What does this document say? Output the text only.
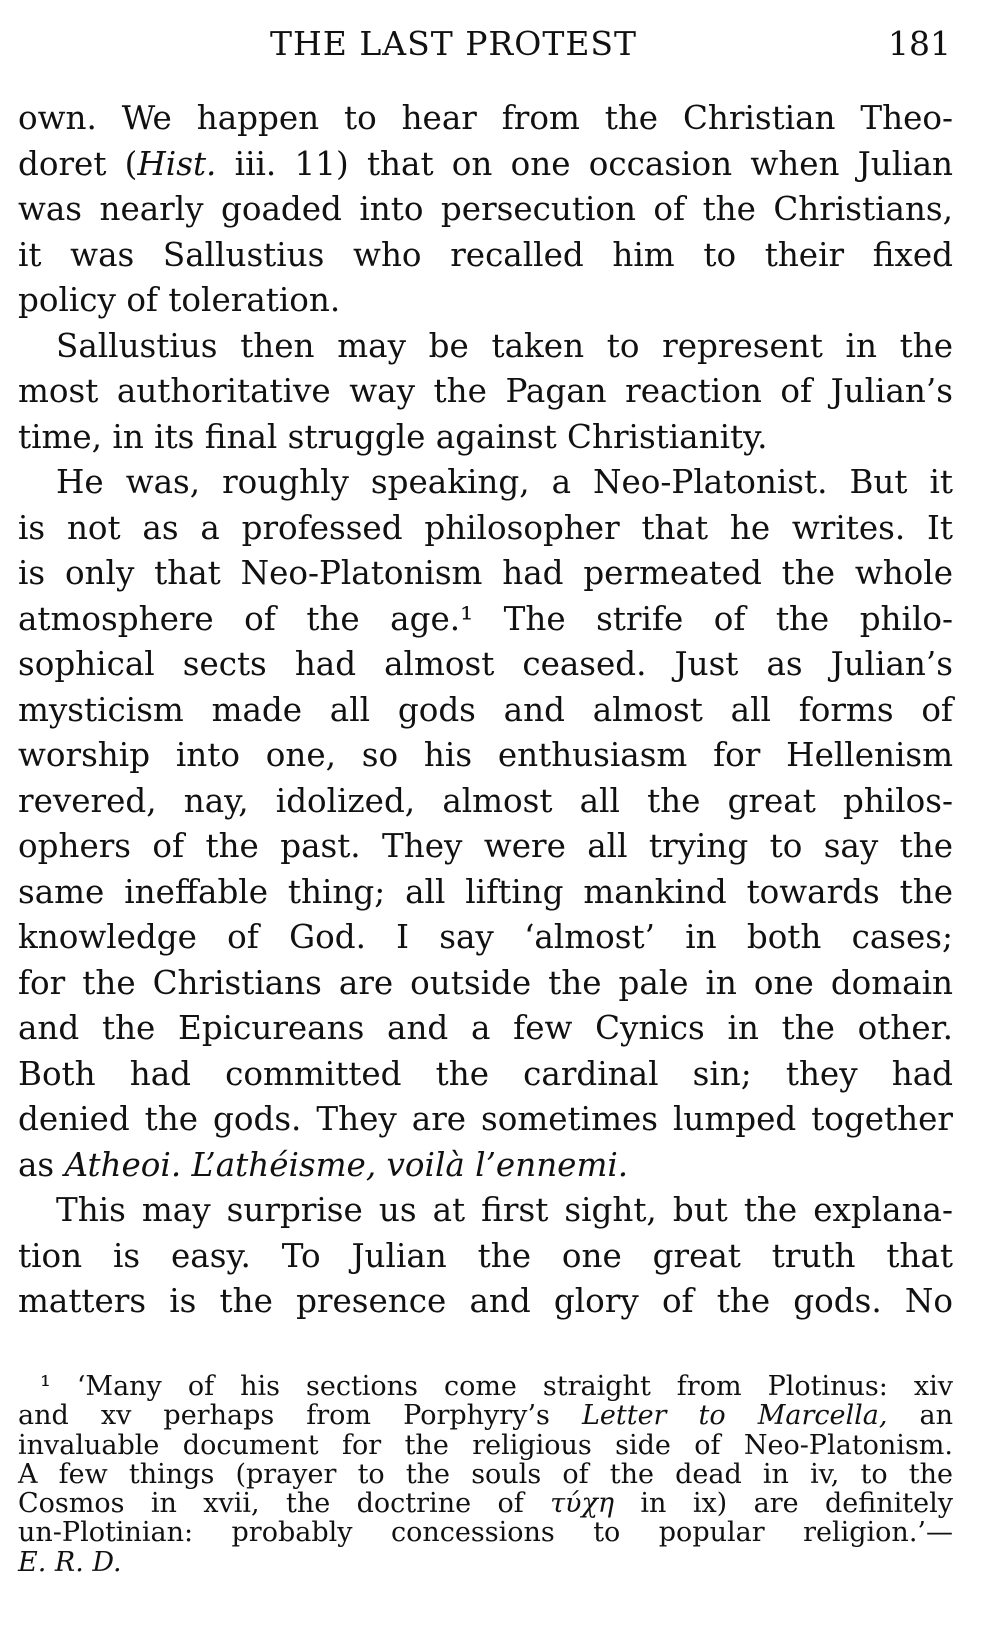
THE LAST PROTEST	181
own. We happen to hear from the Christian Theo-
doret (Hist. iii. 11) that on one occasion when Julian
was nearly goaded into persecution of the Christians,
it was Sallustius who recalled him to their fixed
policy of toleration.
Sallustius then may be taken to represent in the
most authoritative way the Pagan reaction of Julian’s
time, in its final struggle against Christianity.
He was, roughly speaking, a Neo-Platonist. But it
is not as a professed philosopher that he writes. It
is only that Neo-Platonism had permeated the whole
atmosphere of the age.¹ The strife of the philo-
sophical sects had almost ceased. Just as Julian’s
mysticism made all gods and almost all forms of
worship into one, so his enthusiasm for Hellenism
revered, nay, idolized, almost all the great philos-
ophers of the past. They were all trying to say the
same ineffable thing; all lifting mankind towards the
knowledge of God. I say ‘almost’ in both cases;
for the Christians are outside the pale in one domain
and the Epicureans and a few Cynics in the other.
Both had committed the cardinal sin; they had
denied the gods. They are sometimes lumped together
as Atheoi. L’athéisme, voilà l’ennemi.
This may surprise us at first sight, but the explana-
tion is easy. To Julian the one great truth that
matters is the presence and glory of the gods. No
¹ ‘Many of his sections come straight from Plotinus: xiv
and xv perhaps from Porphyry’s Letter to Marcella, an
invaluable document for the religious side of Neo-Platonism.
A few things (prayer to the souls of the dead in iv, to the
Cosmos in xvii, the doctrine of τύχη in ix) are definitely
un-Plotinian: probably concessions to popular religion.’—
E. R. D.
